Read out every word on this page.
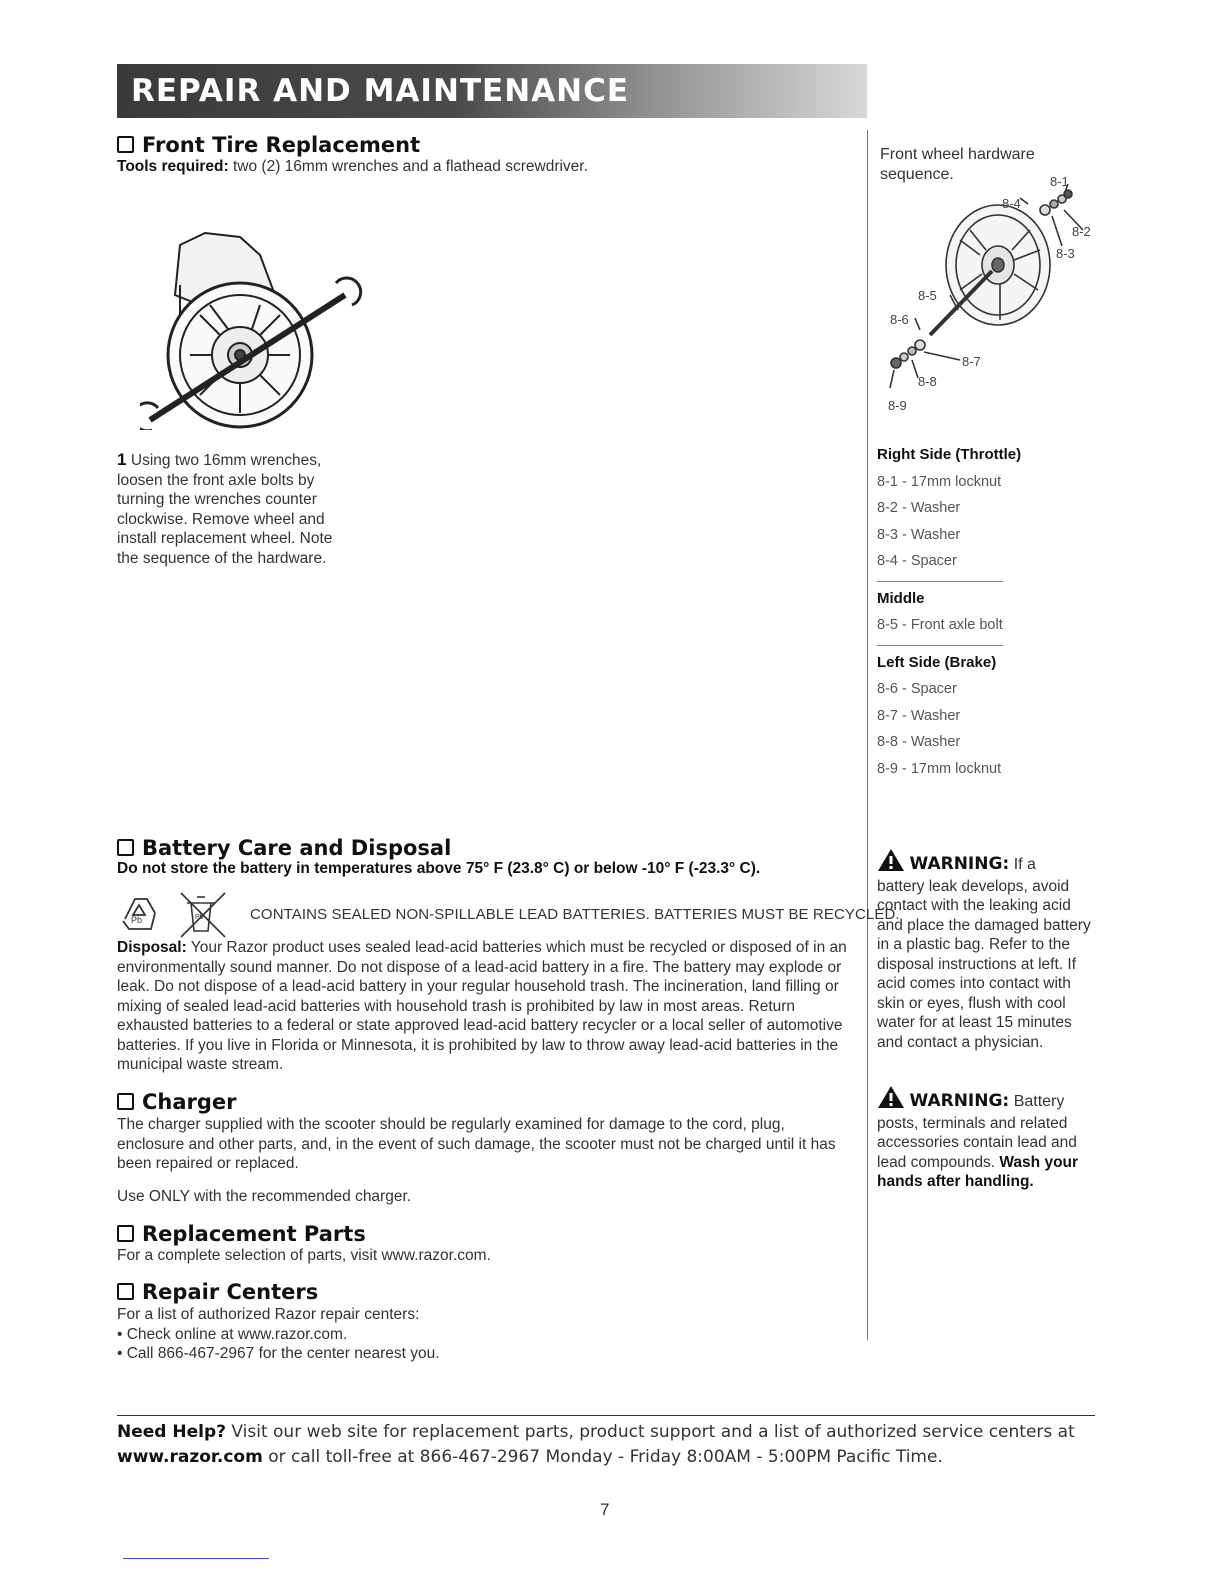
REPAIR AND MAINTENANCE
Front Tire Replacement
Tools required: two (2) 16mm wrenches and a flathead screwdriver.
1 Using two 16mm wrenches, loosen the front axle bolts by turning the wrenches counter clockwise. Remove wheel and install replacement wheel. Note the sequence of the hardware.
Front wheel hardware sequence.	8-1
8-2
8-3
8-4
8-5
8-6
8-7
8-8
8-9
Right Side (Throttle)
8-1 - 17mm locknut
8-2 - Washer
8-3 - Washer
8-4 - Spacer
Middle
8-5 - Front axle bolt
Left Side (Brake)
8-6 - Spacer
8-7 - Washer
8-8 - Washer
8-9 - 17mm locknut
Battery Care and Disposal
Do not store the battery in temperatures above 75° F (23.8° C) or below -10° F (-23.3° C).
Pb	Pb	CONTAINS SEALED NON-SPILLABLE LEAD BATTERIES. BATTERIES MUST BE RECYCLED.
Disposal: Your Razor product uses sealed lead-acid batteries which must be recycled or disposed of in an environmentally sound manner. Do not dispose of a lead-acid battery in a fire. The battery may explode or leak. Do not dispose of a lead-acid battery in your regular household trash. The incineration, land filling or mixing of sealed lead-acid batteries with household trash is prohibited by law in most areas. Return exhausted batteries to a federal or state approved lead-acid battery recycler or a local seller of automotive batteries. If you live in Florida or Minnesota, it is prohibited by law to throw away lead-acid batteries in the municipal waste stream.
Charger
The charger supplied with the scooter should be regularly examined for damage to the cord, plug, enclosure and other parts, and, in the event of such damage, the scooter must not be charged until it has been repaired or replaced.
Use ONLY with the recommended charger.
Replacement Parts
For a complete selection of parts, visit www.razor.com.
Repair Centers
For a list of authorized Razor repair centers:
• Check online at www.razor.com.
• Call 866-467-2967 for the center nearest you.
WARNING: If a
battery leak develops, avoid contact with the leaking acid and place the damaged battery in a plastic bag. Refer to the disposal instructions at left. If acid comes into contact with skin or eyes, flush with cool water for at least 15 minutes and contact a physician.
WARNING: Battery
posts, terminals and related accessories contain lead and lead compounds. Wash your hands after handling.
Need Help? Visit our web site for replacement parts, product support and a list of authorized service centers at www.razor.com or call toll-free at 866-467-2967 Monday - Friday 8:00AM - 5:00PM Pacific Time.
7
